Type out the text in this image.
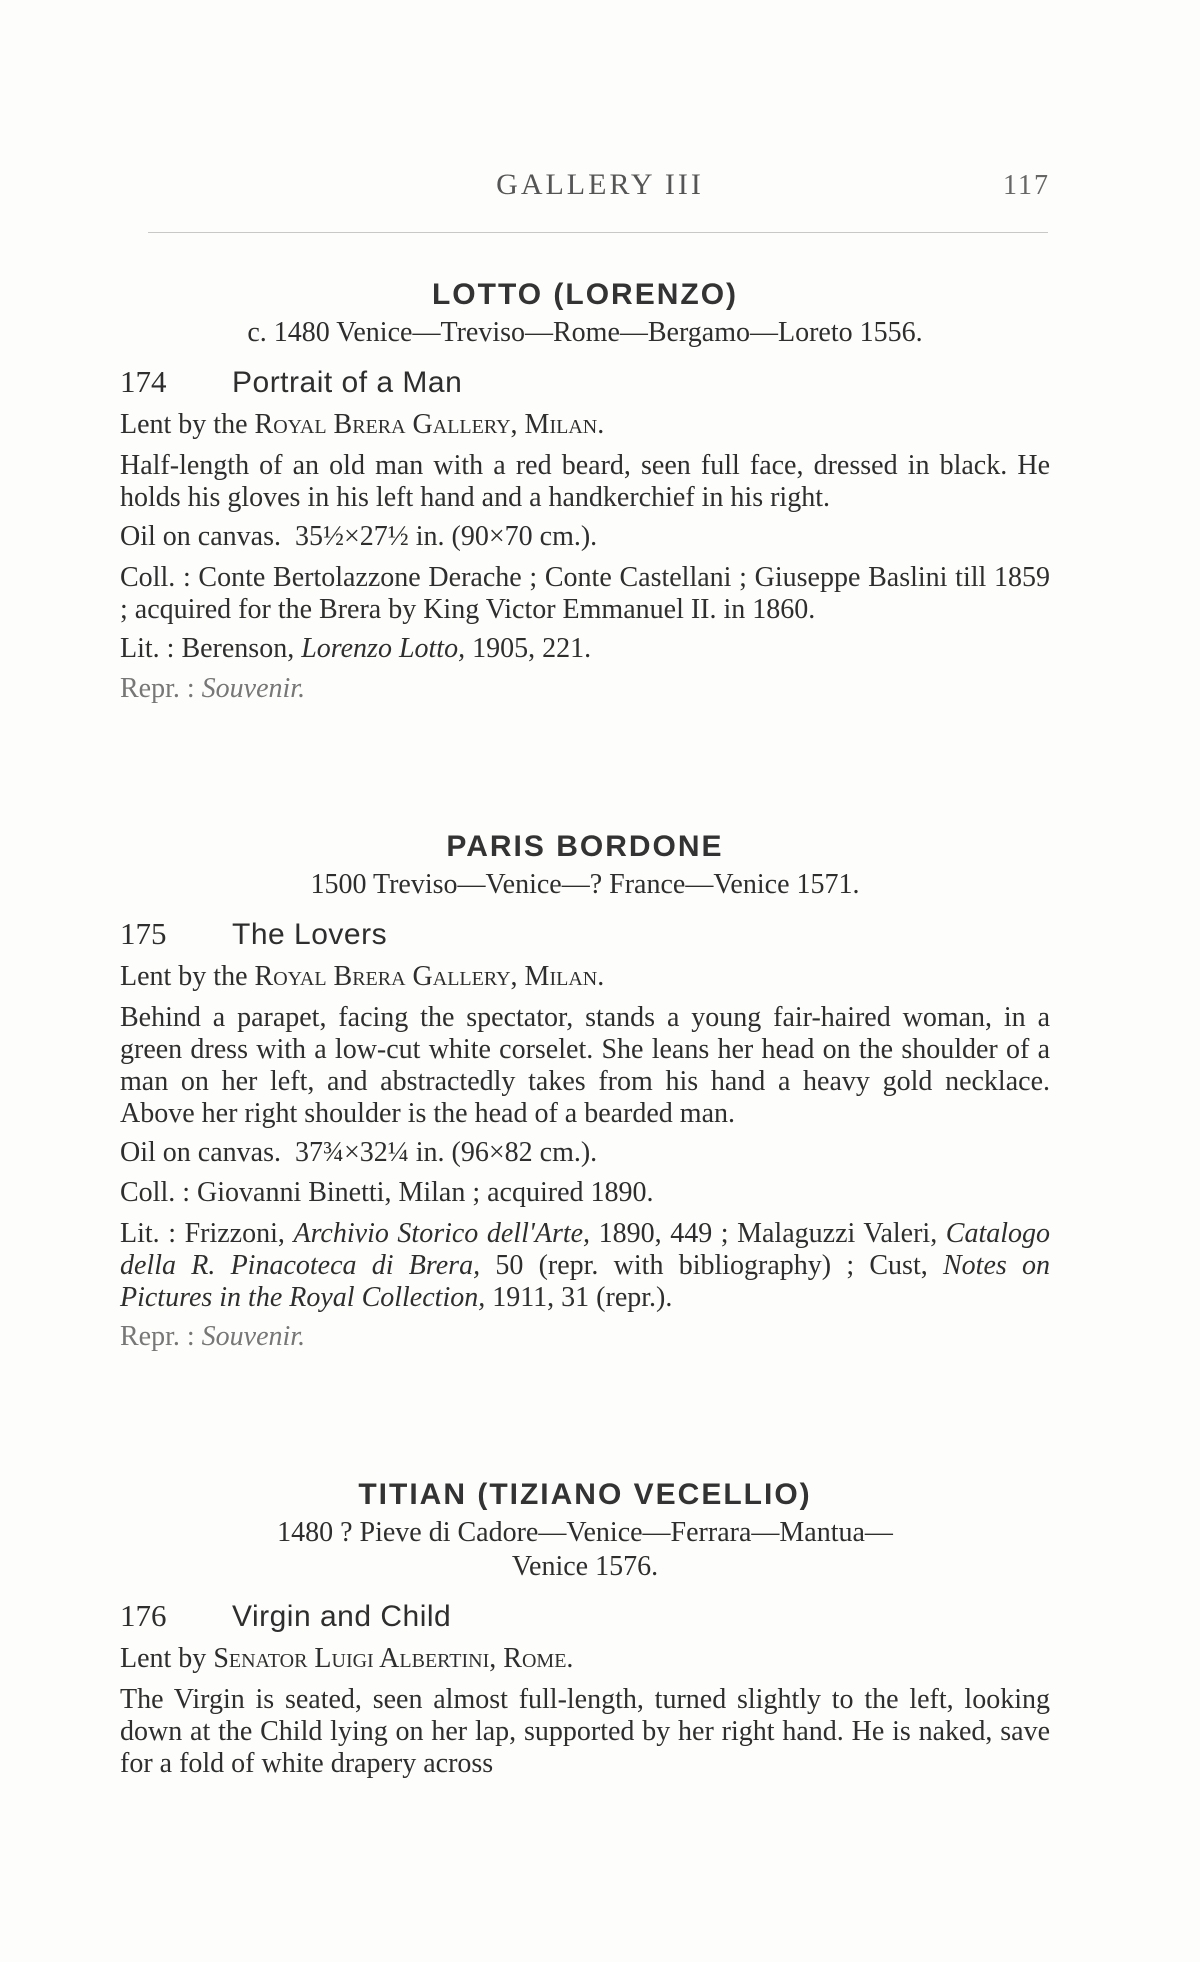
GALLERY III	117
LOTTO (LORENZO)
c. 1480 Venice—Treviso—Rome—Bergamo—Loreto 1556.
174	Portrait of a Man
Lent by the Royal Brera Gallery, Milan.

Half-length of an old man with a red beard, seen full face, dressed in black. He holds his gloves in his left hand and a handkerchief in his right.

Oil on canvas. 35½×27½ in. (90×70 cm.).

Coll. : Conte Bertolazzone Derache ; Conte Castellani ; Giuseppe Baslini till 1859 ; acquired for the Brera by King Victor Emmanuel II. in 1860.

Lit. : Berenson, Lorenzo Lotto, 1905, 221.
Repr. : Souvenir.
PARIS BORDONE
1500 Treviso—Venice—? France—Venice 1571.
175	The Lovers
Lent by the Royal Brera Gallery, Milan.

Behind a parapet, facing the spectator, stands a young fair-haired woman, in a green dress with a low-cut white corselet. She leans her head on the shoulder of a man on her left, and abstractedly takes from his hand a heavy gold necklace. Above her right shoulder is the head of a bearded man.

Oil on canvas. 37¾×32¼ in. (96×82 cm.).
Coll. : Giovanni Binetti, Milan ; acquired 1890.

Lit. : Frizzoni, Archivio Storico dell'Arte, 1890, 449 ; Malaguzzi Valeri, Catalogo della R. Pinacoteca di Brera, 50 (repr. with bibliography) ; Cust, Notes on Pictures in the Royal Collection, 1911, 31 (repr.).

Repr. : Souvenir.
TITIAN (TIZIANO VECELLIO)
1480 ? Pieve di Cadore—Venice—Ferrara—Mantua—
Venice 1576.
176	Virgin and Child
Lent by Senator Luigi Albertini, Rome.

The Virgin is seated, seen almost full-length, turned slightly to the left, looking down at the Child lying on her lap, supported by her right hand. He is naked, save for a fold of white drapery across
